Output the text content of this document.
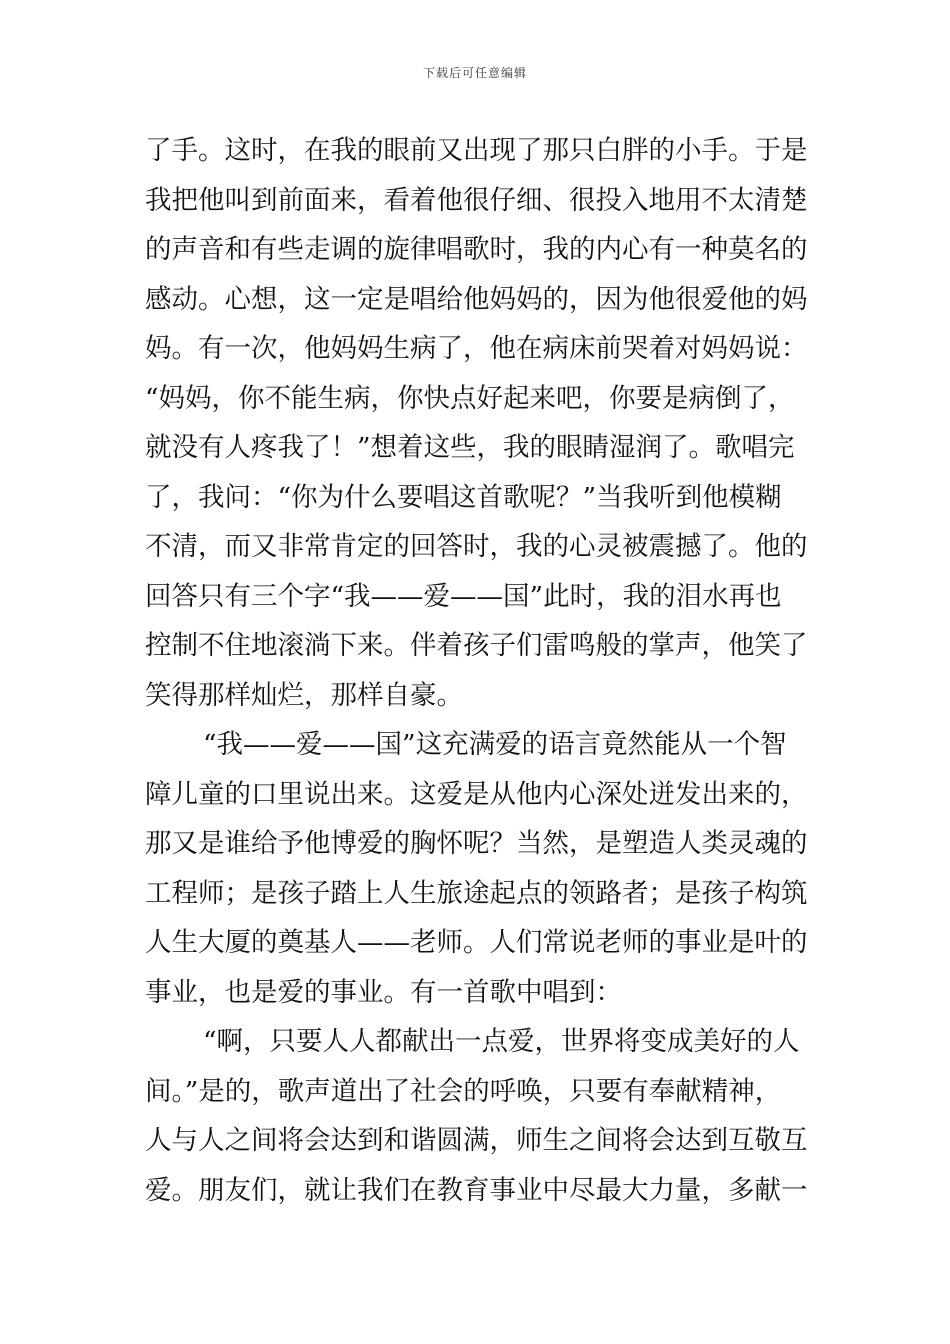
下载后可任意编辑
了手。这时，在我的眼前又出现了那只白胖的小手。于是
我把他叫到前面来，看着他很仔细、很投入地用不太清楚
的声音和有些走调的旋律唱歌时，我的内心有一种莫名的
感动。心想，这一定是唱给他妈妈的，因为他很爱他的妈
妈。有一次，他妈妈生病了，他在病床前哭着对妈妈说：
“妈妈，你不能生病，你快点好起来吧，你要是病倒了，
就没有人疼我了！”想着这些，我的眼睛湿润了。歌唱完
了，我问：“你为什么要唱这首歌呢？”当我听到他模糊
不清，而又非常肯定的回答时，我的心灵被震撼了。他的
回答只有三个字“我——爱——国”此时，我的泪水再也
控制不住地滚淌下来。伴着孩子们雷鸣般的掌声，他笑了
笑得那样灿烂，那样自豪。
“我——爱——国”这充满爱的语言竟然能从一个智
障儿童的口里说出来。这爱是从他内心深处迸发出来的，
那又是谁给予他博爱的胸怀呢？当然，是塑造人类灵魂的
工程师；是孩子踏上人生旅途起点的领路者；是孩子构筑
人生大厦的奠基人——老师。人们常说老师的事业是叶的
事业，也是爱的事业。有一首歌中唱到：
“啊，只要人人都献出一点爱，世界将变成美好的人
间。”是的，歌声道出了社会的呼唤，只要有奉献精神，
人与人之间将会达到和谐圆满，师生之间将会达到互敬互
爱。朋友们，就让我们在教育事业中尽最大力量，多献一
